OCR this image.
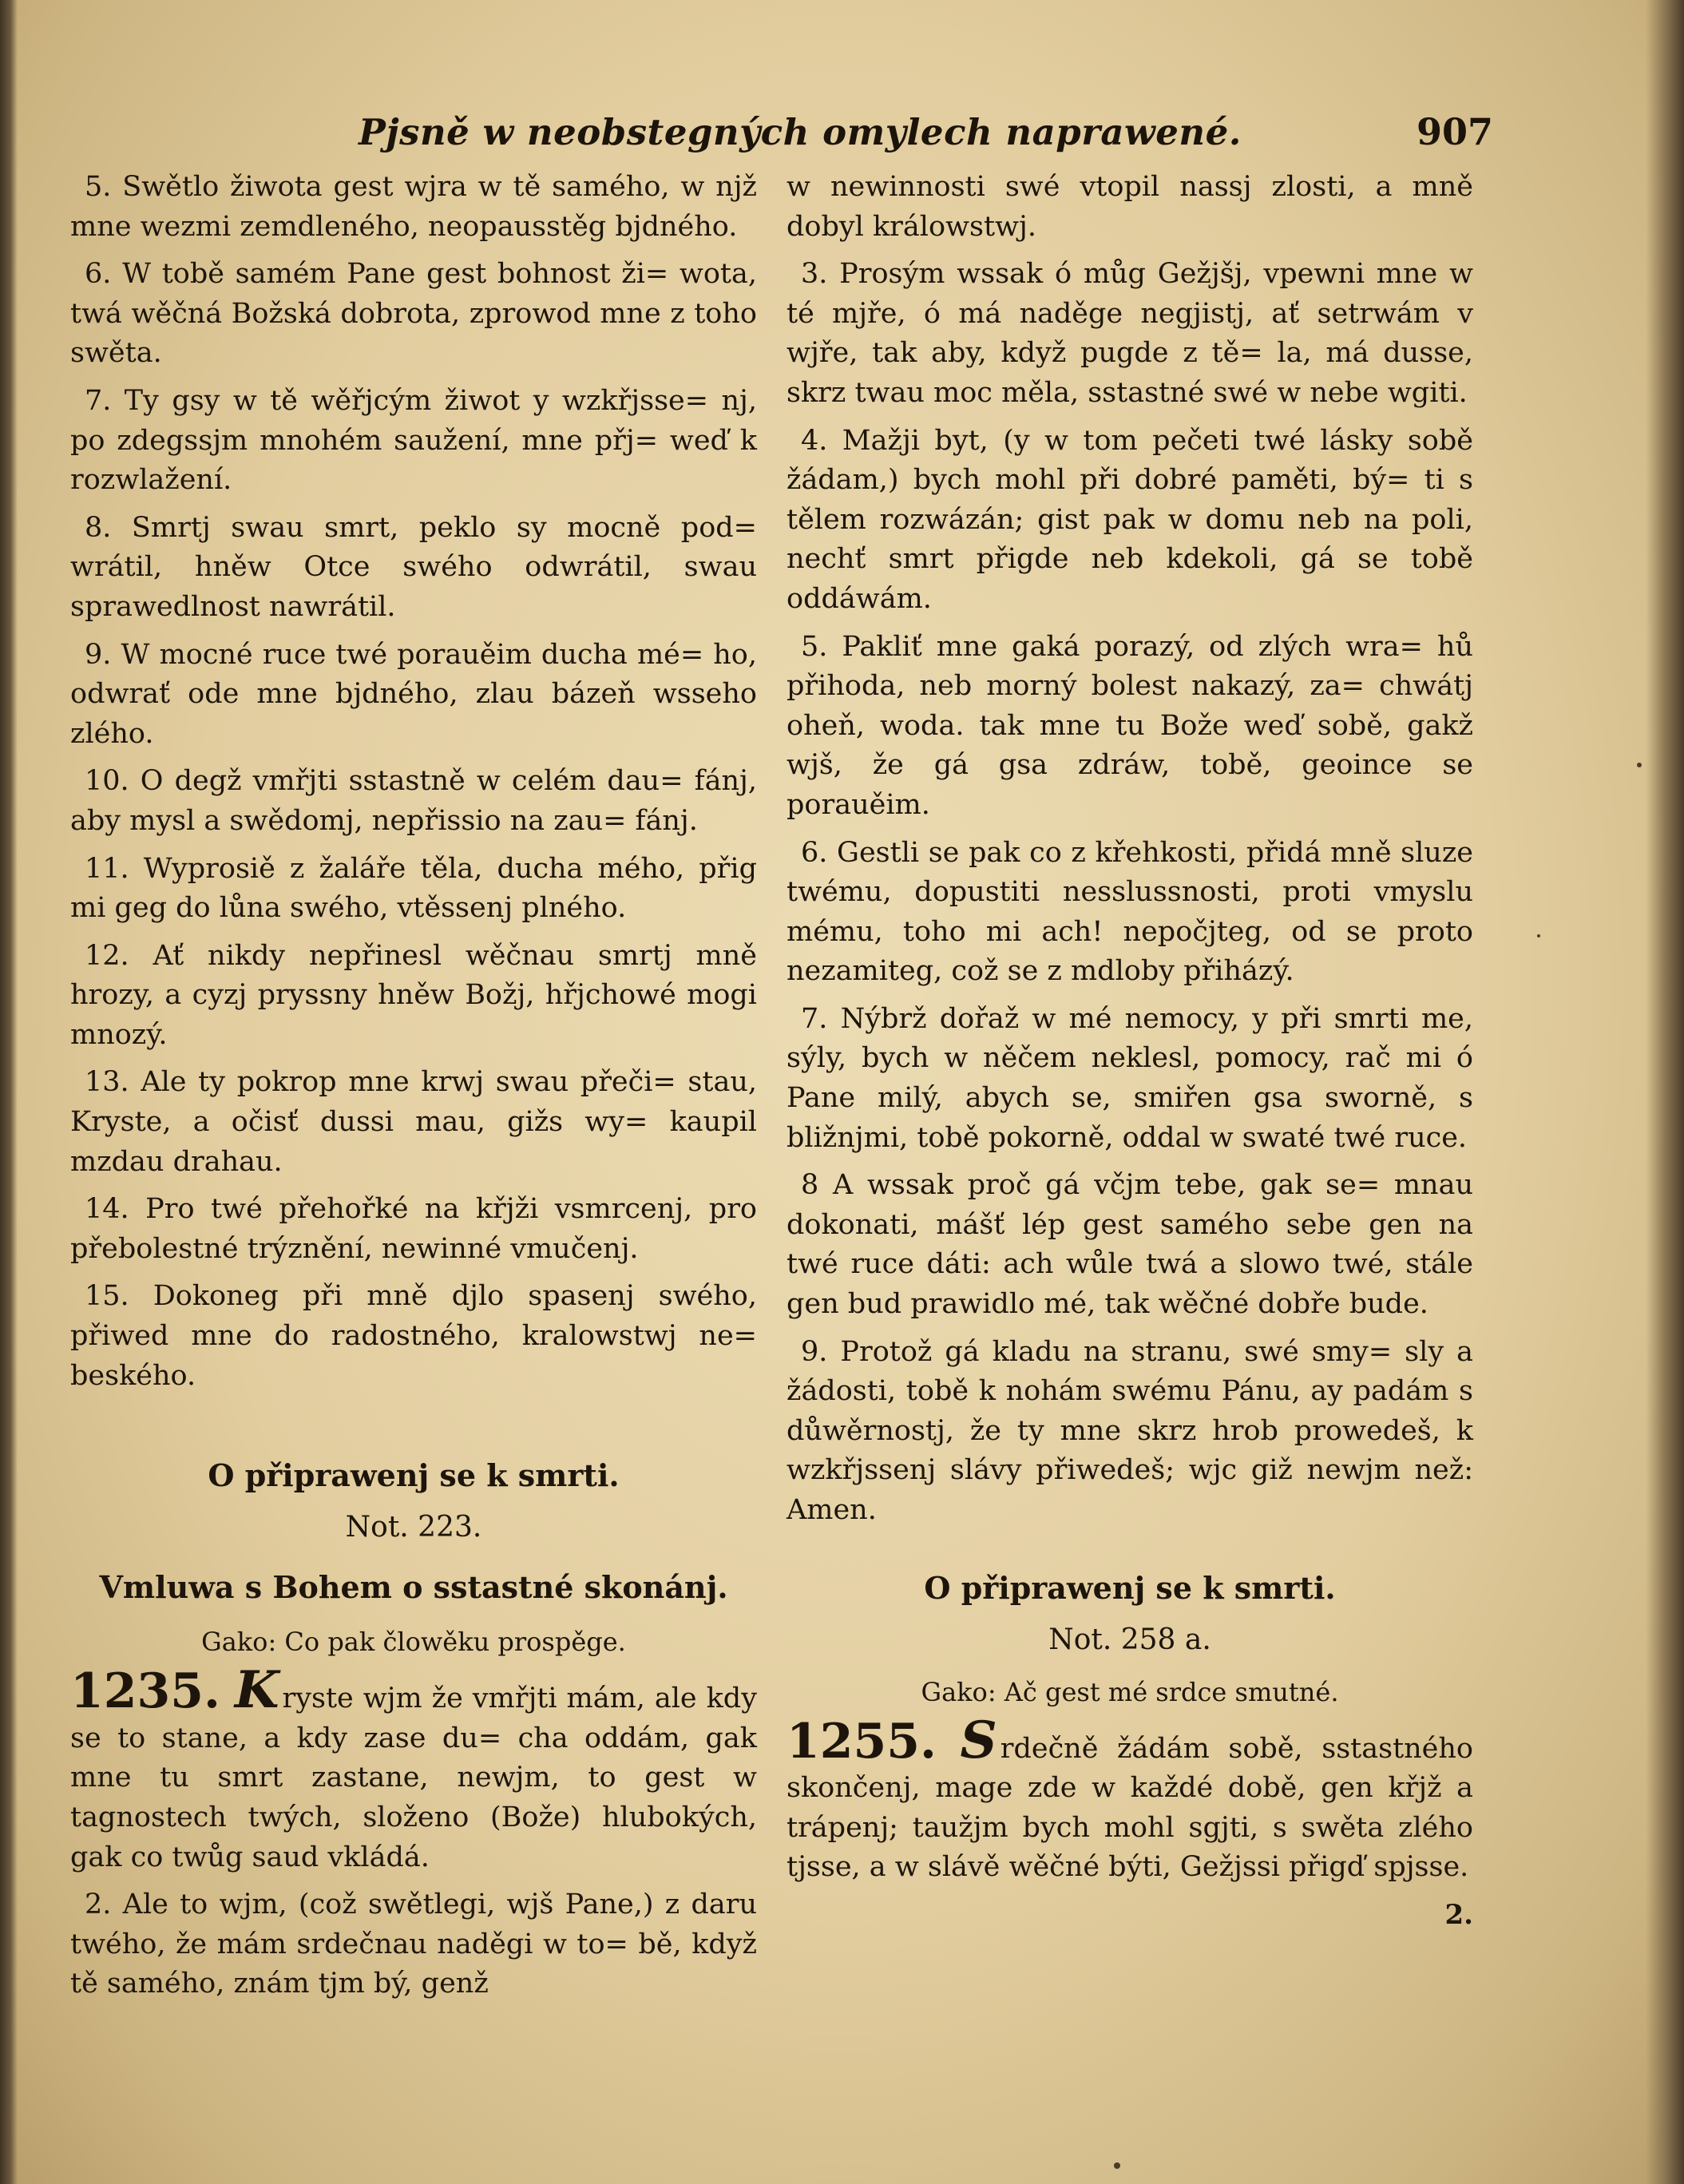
Pjsně w neobstegných omylech naprawené.	907

5. Swětlo žiwota gest wjra w tě samého, w njž mne wezmi zemdleného, neopausstěg bjdného.

6. W tobě samém Pane gest bohnost ži= wota, twá wěčná Božská dobrota, zprowod mne z toho swěta.

7. Ty gsy w tě wěřjcým žiwot y wzkřjsse= nj, po zdegssjm mnohém saužení, mne přj= weď k rozwlažení.

8. Smrtj swau smrt, peklo sy mocně pod= wrátil, hněw Otce swého odwrátil, swau sprawedlnost nawrátil.

9. W mocné ruce twé porauěim ducha mé= ho, odwrať ode mne bjdného, zlau bázeň wsseho zlého.

10. O degž vmřjti sstastně w celém dau= fánj, aby mysl a swědomj, nepřissio na zau= fánj.

11. Wyprosiě z žaláře těla, ducha mého, přig mi geg do lůna swého, vtěssenj plného.

12. Ať nikdy nepřinesl wěčnau smrtj mně hrozy, a cyzj pryssny hněw Božj, hřjchowé mogi mnozý.

13. Ale ty pokrop mne krwj swau přeči= stau, Kryste, a očisť dussi mau, gižs wy= kaupil mzdau drahau.

14. Pro twé přehořké na křjži vsmrcenj, pro přebolestné trýznění, newinné vmučenj.

15. Dokoneg při mně djlo spasenj swého, přiwed mne do radostného, kralowstwj ne= beského.

O připrawenj se k smrti.

Not. 223.

Vmluwa s Bohem o sstastné skonánj.

Gako: Co pak člowěku prospěge.

1235. K ryste wjm že vmřjti mám, ale kdy se to stane, a kdy zase du= cha oddám, gak mne tu smrt zastane, newjm, to gest w tagnostech twých, složeno (Bože) hlubokých, gak co twůg saud vkládá.

2. Ale to wjm, (což swětlegi, wjš Pane,) z daru twého, že mám srdečnau naděgi w to= bě, když tě samého, znám tjm bý, genž

w newinnosti swé vtopil nassj zlosti, a mně dobyl králowstwj.

3. Prosým wssak ó můg Gežjšj, vpewni mne w té mjře, ó má naděge negjistj, ať setrwám v wjře, tak aby, když pugde z tě= la, má dusse, skrz twau moc měla, sstastné swé w nebe wgiti.

4. Mažji byt, (y w tom pečeti twé lásky sobě žádam,) bych mohl při dobré paměti, bý= ti s tělem rozwázán; gist pak w domu neb na poli, nechť smrt přigde neb kdekoli, gá se tobě oddáwám.

5. Pakliť mne gaká porazý, od zlých wra= hů přihoda, neb morný bolest nakazý, za= chwátj oheň, woda. tak mne tu Bože weď sobě, gakž wjš, že gá gsa zdráw, tobě, geoince se porauěim.

6. Gestli se pak co z křehkosti, přidá mně sluze twému, dopustiti nesslussnosti, proti vmyslu mému, toho mi ach! nepočjteg, od se proto nezamiteg, což se z mdloby přiházý.

7. Nýbrž dořaž w mé nemocy, y při smrti me, sýly, bych w něčem neklesl, pomocy, rač mi ó Pane milý, abych se, smiřen gsa sworně, s bližnjmi, tobě pokorně, oddal w swaté twé ruce.

8 A wssak proč gá včjm tebe, gak se= mnau dokonati, mášť lép gest samého sebe gen na twé ruce dáti: ach wůle twá a slowo twé, stále gen bud prawidlo mé, tak wěčné dobře bude.

9. Protož gá kladu na stranu, swé smy= sly a žádosti, tobě k nohám swému Pánu, ay padám s důwěrnostj, že ty mne skrz hrob prowedeš, k wzkřjssenj slávy přiwedeš; wjc giž newjm než: Amen.

O připrawenj se k smrti.

Not. 258 a.

Gako: Ač gest mé srdce smutné.

1255. S rdečně žádám sobě, sstastného skončenj, mage zde w každé době, gen křjž a trápenj; taužjm bych mohl sgjti, s swěta zlého tjsse, a w slávě wěčné býti, Gežjssi přigď spjsse.

2.
